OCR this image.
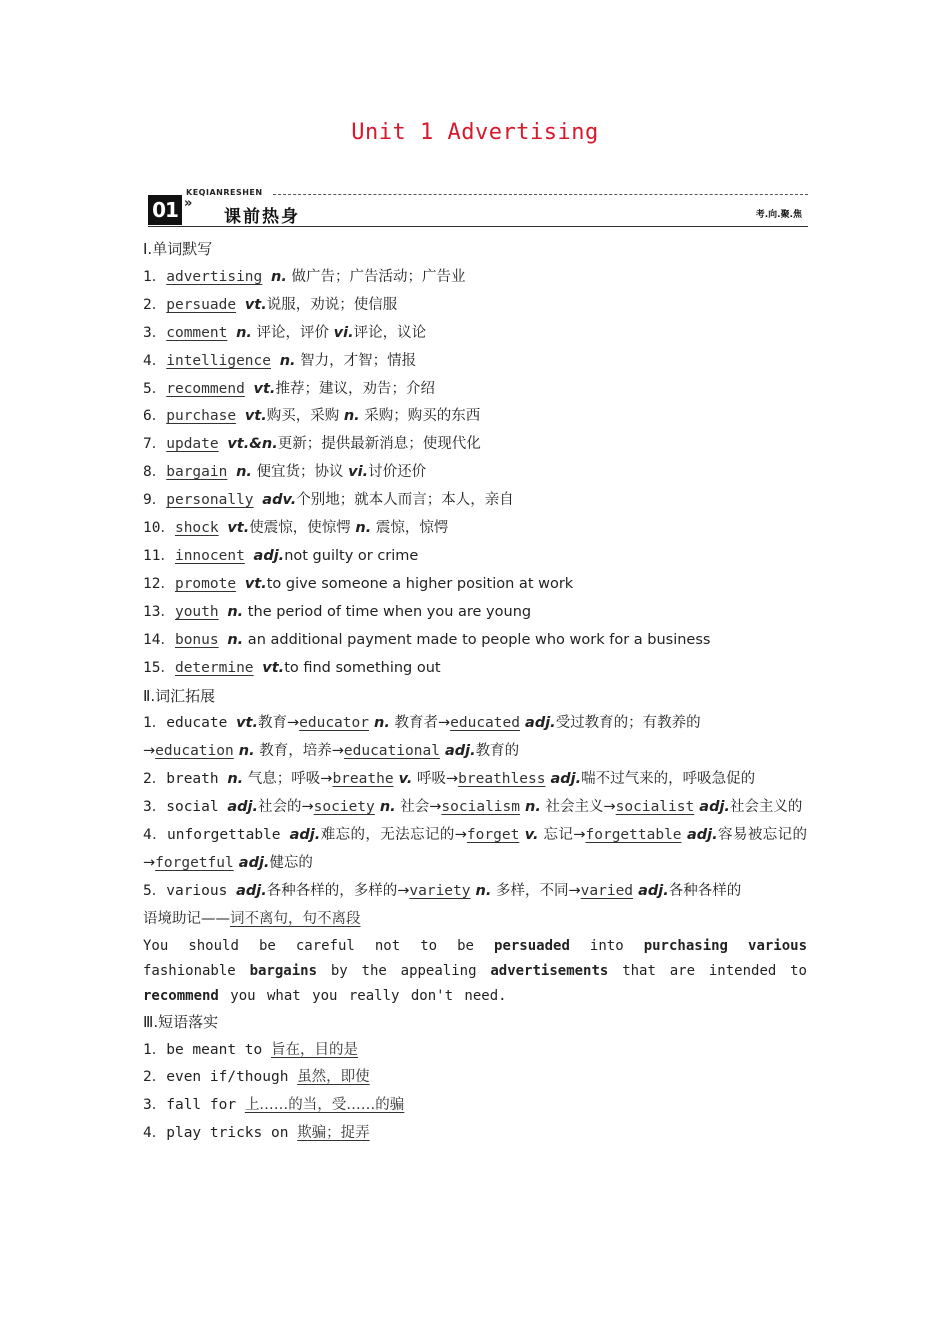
Unit 1 Advertising
KEQIANRESHEN
01 »
课前热身	考.向.聚.焦
Ⅰ.单词默写
1．advertising n. 做广告；广告活动；广告业
2．persuade vt.说服，劝说；使信服
3．comment n. 评论，评价 vi.评论，议论
4．intelligence n. 智力，才智；情报
5．recommend vt.推荐；建议，劝告；介绍
6．purchase vt.购买，采购 n. 采购；购买的东西
7．update vt.&n.更新；提供最新消息；使现代化
8．bargain n. 便宜货；协议 vi.讨价还价
9．personally adv.个别地；就本人而言；本人，亲自
10．shock vt.使震惊，使惊愕 n. 震惊，惊愕
11．innocent adj.not guilty or crime
12．promote vt.to give someone a higher position at work
13．youth n. the period of time when you are young
14．bonus n. an additional payment made to people who work for a business
15．determine vt.to find something out
Ⅱ.词汇拓展
1．educate vt.教育→educator n. 教育者→educated adj.受过教育的；有教养的
→education n. 教育，培养→educational adj.教育的
2．breath n. 气息；呼吸→breathe v. 呼吸→breathless adj.喘不过气来的，呼吸急促的
3．social adj.社会的→society n. 社会→socialism n. 社会主义→socialist adj.社会主义的
4．unforgettable adj.难忘的，无法忘记的→forget v. 忘记→forgettable adj.容易被忘记的→forgetful adj.健忘的
5．various adj.各种各样的，多样的→variety n. 多样，不同→varied adj.各种各样的
语境助记——词不离句，句不离段
You should be careful not to be persuaded into purchasing various fashionable bargains by the appealing advertisements that are intended to recommend you what you really don't need.
Ⅲ.短语落实
1．be meant to 旨在，目的是
2．even if/though 虽然，即使
3．fall for 上……的当，受……的骗
4．play tricks on 欺骗；捉弄
